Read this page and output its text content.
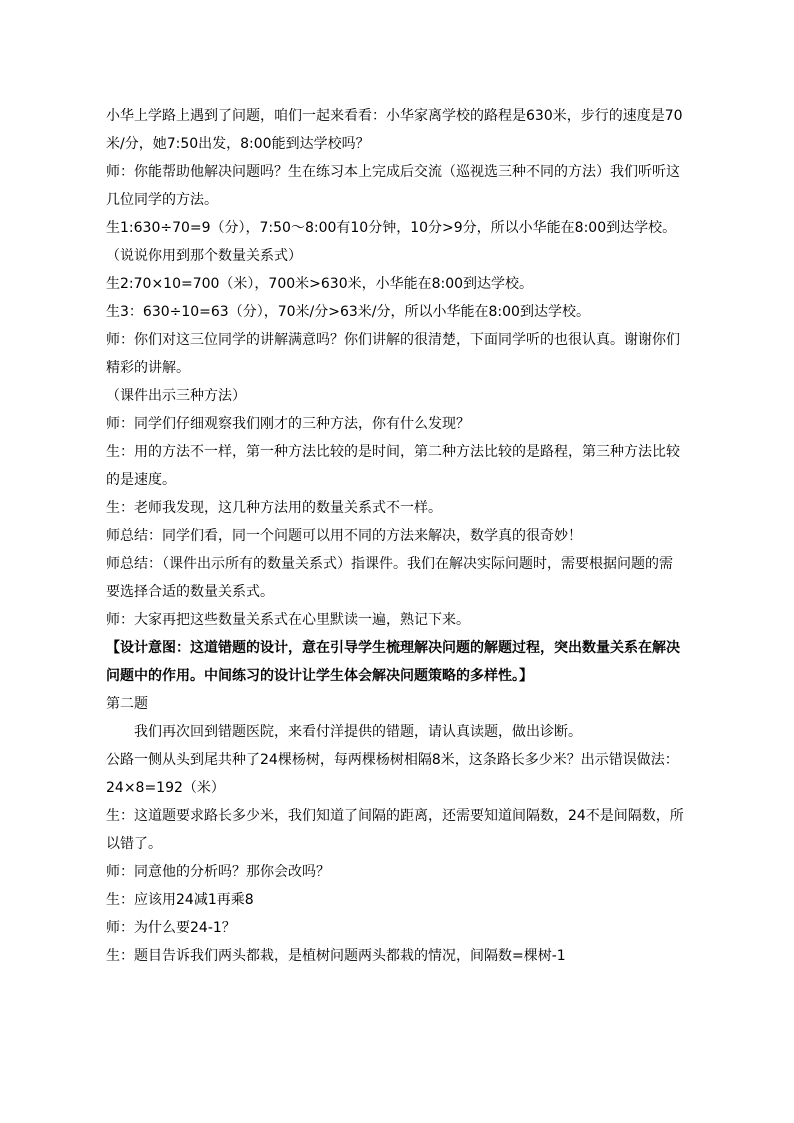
小华上学路上遇到了问题，咱们一起来看看：小华家离学校的路程是630米，步行的速度是70
米/分，她7:50出发，8:00能到达学校吗？
师：你能帮助他解决问题吗？生在练习本上完成后交流（巡视选三种不同的方法）我们听听这
几位同学的方法。
生1:630÷70=9（分），7:50～8:00有10分钟，10分>9分，所以小华能在8:00到达学校。
（说说你用到那个数量关系式）
生2:70×10=700（米），700米>630米，小华能在8:00到达学校。
生3：630÷10=63（分），70米/分>63米/分，所以小华能在8:00到达学校。
师：你们对这三位同学的讲解满意吗？你们讲解的很清楚，下面同学听的也很认真。谢谢你们
精彩的讲解。
（课件出示三种方法）
师：同学们仔细观察我们刚才的三种方法，你有什么发现？
生：用的方法不一样，第一种方法比较的是时间，第二种方法比较的是路程，第三种方法比较
的是速度。
生：老师我发现，这几种方法用的数量关系式不一样。
师总结：同学们看，同一个问题可以用不同的方法来解决，数学真的很奇妙！
师总结：（课件出示所有的数量关系式）指课件。我们在解决实际问题时，需要根据问题的需
要选择合适的数量关系式。
师：大家再把这些数量关系式在心里默读一遍，熟记下来。
【设计意图：这道错题的设计，意在引导学生梳理解决问题的解题过程，突出数量关系在解决
问题中的作用。中间练习的设计让学生体会解决问题策略的多样性。】
第二题
我们再次回到错题医院，来看付洋提供的错题，请认真读题，做出诊断。
公路一侧从头到尾共种了24棵杨树，每两棵杨树相隔8米，这条路长多少米？出示错误做法：
24×8=192（米）
生：这道题要求路长多少米，我们知道了间隔的距离，还需要知道间隔数，24不是间隔数，所
以错了。
师：同意他的分析吗？那你会改吗？
生：应该用24减1再乘8
师：为什么要24-1？
生：题目告诉我们两头都栽，是植树问题两头都栽的情况，间隔数=棵树-1
